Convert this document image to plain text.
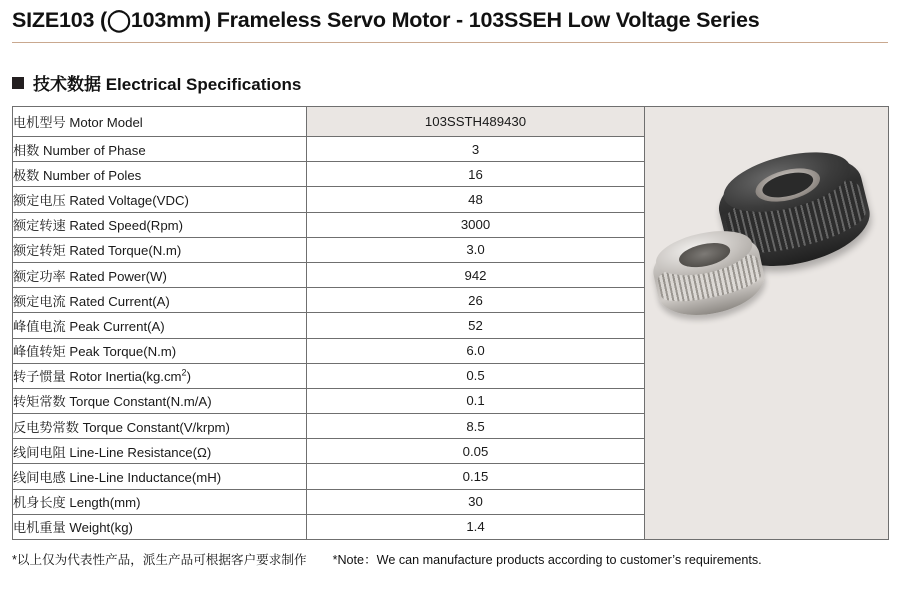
SIZE103 (◯103mm) Frameless Servo Motor - 103SSEH Low Voltage Series
技术数据 Electrical Specifications
电机型号 Motor Model	103SSTH489430	

相数 Number of Phase	3	
极数 Number of Poles	16	
额定电压 Rated Voltage(VDC)	48	
额定转速 Rated Speed(Rpm)	3000	
额定转矩 Rated Torque(N.m)	3.0	
额定功率 Rated Power(W)	942	
额定电流 Rated Current(A)	26	
峰值电流 Peak Current(A)	52	
峰值转矩 Peak Torque(N.m)	6.0	
转子惯量 Rotor $Inertia(kg.cm^2)$	0.5	
转矩常数 Torque Constant(N.m/A)	0.1	
反电势常数 Torque Constant(V/krpm)	8.5	
线间电阻 Line-Line Resistance(Ω)	0.05	
线间电感 Line-Line Inductance(mH)	0.15	
机身长度 Length(mm)	30	
电机重量 Weight(kg)	1.4	
*以上仅为代表性产品，派生产品可根据客户要求制作 *Note：We can manufacture products according to customer’s requirements.
